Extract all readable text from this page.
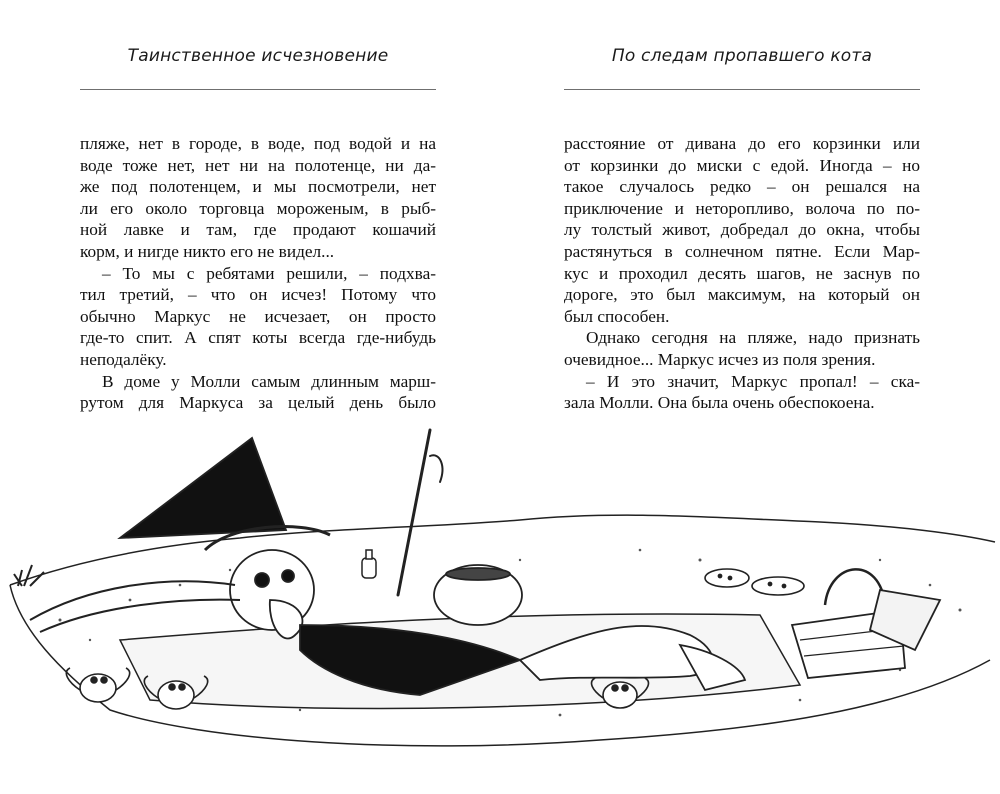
Таинственное исчезновение	По следам пропавшего кота
пляже, нет в городе, в воде, под водой и на
воде тоже нет, нет ни на полотенце, ни да-
же под полотенцем, и мы посмотрели, нет
ли его около торговца мороженым, в рыб-
ной лавке и там, где продают кошачий
корм, и нигде никто его не видел...
– То мы с ребятами решили, – подхва-
тил третий, – что он исчез! Потому что
обычно Маркус не исчезает, он просто
где-то спит. А спят коты всегда где-нибудь
неподалёку.
В доме у Молли самым длинным марш-
рутом для Маркуса за целый день было
расстояние от дивана до его корзинки или
от корзинки до миски с едой. Иногда – но
такое случалось редко – он решался на
приключение и неторопливо, волоча по по-
лу толстый живот, добредал до окна, чтобы
растянуться в солнечном пятне. Если Мар-
кус и проходил десять шагов, не заснув по
дороге, это был максимум, на который он
был способен.
Однако сегодня на пляже, надо признать
очевидное... Маркус исчез из поля зрения.
– И это значит, Маркус пропал! – ска-
зала Молли. Она была очень обеспокоена.
